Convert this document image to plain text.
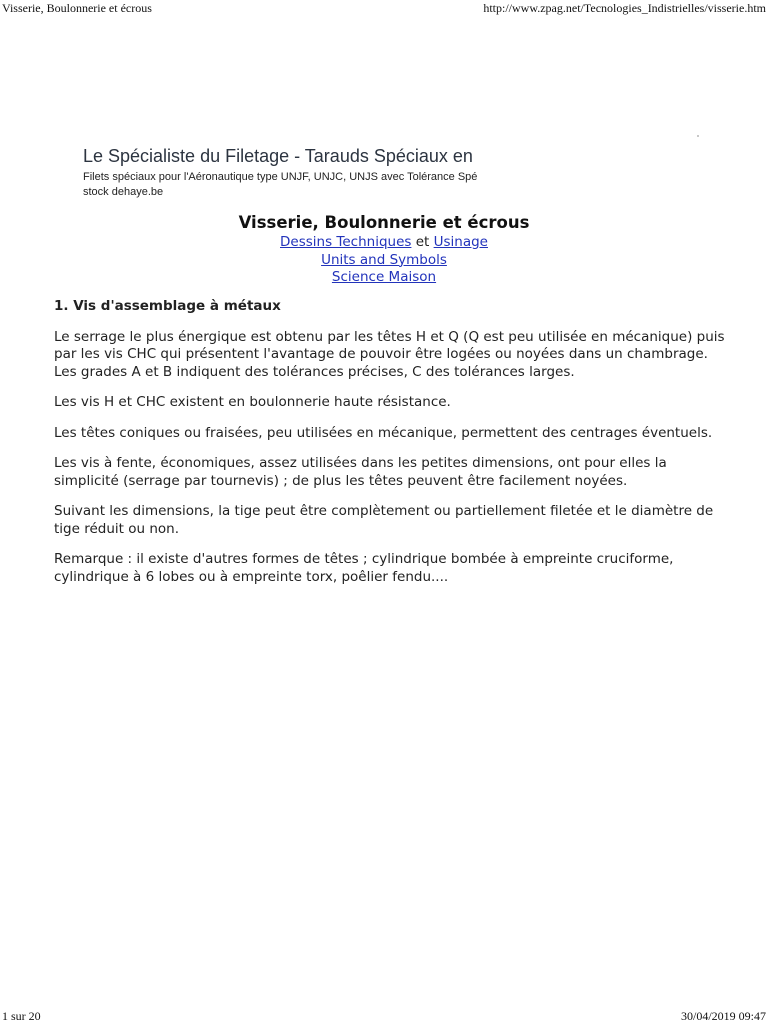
Visserie, Boulonnerie et écrous	http://www.zpag.net/Tecnologies_Indistrielles/visserie.htm
Le Spécialiste du Filetage - Tarauds Spéciaux en
Filets spéciaux pour l'Aéronautique type UNJF, UNJC, UNJS avec Tolérance Spé
stock dehaye.be
Visserie, Boulonnerie et écrous
Dessins Techniques et Usinage
Units and Symbols
Science Maison
1. Vis d'assemblage à métaux

Le serrage le plus énergique est obtenu par les têtes H et Q (Q est peu utilisée en mécanique) puis par les vis CHC qui présentent l'avantage de pouvoir être logées ou noyées dans un chambrage. Les grades A et B indiquent des tolérances précises, C des tolérances larges.

Les vis H et CHC existent en boulonnerie haute résistance.

Les têtes coniques ou fraisées, peu utilisées en mécanique, permettent des centrages éventuels.

Les vis à fente, économiques, assez utilisées dans les petites dimensions, ont pour elles la simplicité (serrage par tournevis) ; de plus les têtes peuvent être facilement noyées.

Suivant les dimensions, la tige peut être complètement ou partiellement filetée et le diamètre de tige réduit ou non.

Remarque : il existe d'autres formes de têtes ; cylindrique bombée à empreinte cruciforme, cylindrique à 6 lobes ou à empreinte torx, poêlier fendu....

1 sur 20	30/04/2019 09:47
